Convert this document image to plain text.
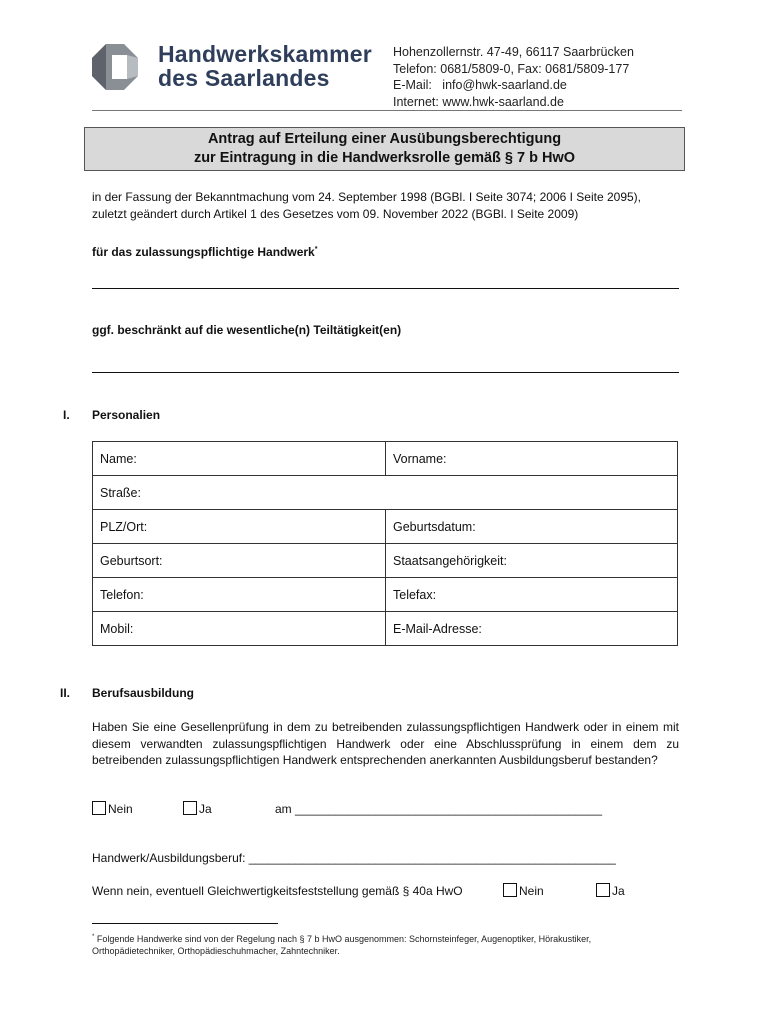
Handwerkskammer
des Saarlandes
Hohenzollernstr. 47-49, 66117 Saarbrücken
Telefon: 0681/5809-0, Fax: 0681/5809-177
E-Mail:   info@hwk-saarland.de
Internet: www.hwk-saarland.de
Antrag auf Erteilung einer Ausübungsberechtigung
zur Eintragung in die Handwerksrolle gemäß § 7 b HwO
in der Fassung der Bekanntmachung vom 24. September 1998 (BGBl. I Seite 3074; 2006 I Seite 2095),
zuletzt geändert durch Artikel 1 des Gesetzes vom 09. November 2022 (BGBl. I Seite 2009)
für das zulassungspflichtige Handwerk*
ggf. beschränkt auf die wesentliche(n) Teiltätigkeit(en)
I. Personalien
Name:	Vorname:
Straße:	
PLZ/Ort:	Geburtsdatum:
Geburtsort:	Staatsangehörigkeit:
Telefon:	Telefax:
Mobil:	E-Mail-Adresse:
II. Berufsausbildung
Haben Sie eine Gesellenprüfung in dem zu betreibenden zulassungspflichtigen Handwerk oder in einem mit diesem verwandten zulassungspflichtigen Handwerk oder eine Abschlussprüfung in einem dem zu betreibenden zulassungspflichtigen Handwerk entsprechenden anerkannten Ausbildungsberuf bestanden?
Nein	Ja	am ______________________________________________
Handwerk/Ausbildungsberuf: _______________________________________________________
Wenn nein, eventuell Gleichwertigkeitsfeststellung gemäß § 40a HwO	Nein	Ja
* Folgende Handwerke sind von der Regelung nach § 7 b HwO ausgenommen: Schornsteinfeger, Augenoptiker, Hörakustiker,
Orthopädietechniker, Orthopädieschuhmacher, Zahntechniker.
